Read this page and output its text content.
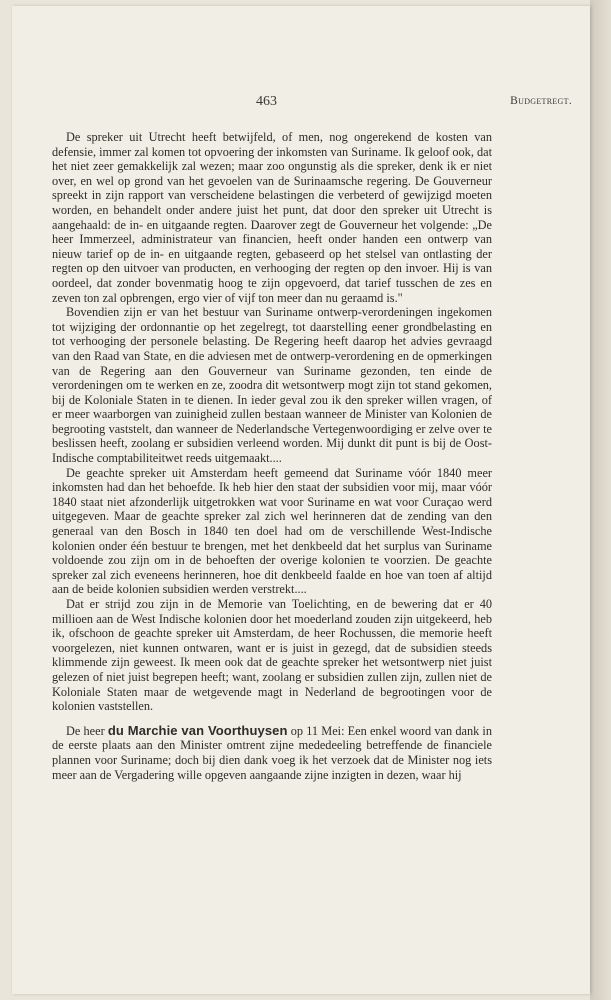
463	Budgetregt.

De spreker uit Utrecht heeft betwijfeld, of men, nog ongerekend de kosten van defensie, immer zal komen tot opvoering der inkomsten van Suriname. Ik geloof ook, dat het niet zeer gemakkelijk zal wezen; maar zoo ongunstig als die spreker, denk ik er niet over, en wel op grond van het gevoelen van de Surinaamsche regering. De Gouverneur spreekt in zijn rapport van verscheidene belastingen die verbeterd of gewijzigd moeten worden, en behandelt onder andere juist het punt, dat door den spreker uit Utrecht is aangehaald: de in- en uitgaande regten. Daarover zegt de Gouverneur het volgende: „De heer Immerzeel, administrateur van financien, heeft onder handen een ontwerp van nieuw tarief op de in- en uitgaande regten, gebaseerd op het stelsel van ontlasting der regten op den uitvoer van producten, en verhooging der regten op den invoer. Hij is van oordeel, dat zonder bovenmatig hoog te zijn opgevoerd, dat tarief tusschen de zes en zeven ton zal opbrengen, ergo vier of vijf ton meer dan nu geraamd is."

Bovendien zijn er van het bestuur van Suriname ontwerp-verordeningen ingekomen tot wijziging der ordonnantie op het zegelregt, tot daarstelling eener grondbelasting en tot verhooging der personele belasting. De Regering heeft daarop het advies gevraagd van den Raad van State, en die adviesen met de ontwerp-verordening en de opmerkingen van de Regering aan den Gouverneur van Suriname gezonden, ten einde de verordeningen om te werken en ze, zoodra dit wetsontwerp mogt zijn tot stand gekomen, bij de Koloniale Staten in te dienen. In ieder geval zou ik den spreker willen vragen, of er meer waarborgen van zuinigheid zullen bestaan wanneer de Minister van Kolonien de begrooting vaststelt, dan wanneer de Nederlandsche Vertegenwoordiging er zelve over te beslissen heeft, zoolang er subsidien verleend worden. Mij dunkt dit punt is bij de Oost-Indische comptabiliteitwet reeds uitgemaakt....

De geachte spreker uit Amsterdam heeft gemeend dat Suriname vóór 1840 meer inkomsten had dan het behoefde. Ik heb hier den staat der subsidien voor mij, maar vóór 1840 staat niet afzonderlijk uitgetrokken wat voor Suriname en wat voor Curaçao werd uitgegeven. Maar de geachte spreker zal zich wel herinneren dat de zending van den generaal van den Bosch in 1840 ten doel had om de verschillende West-Indische kolonien onder één bestuur te brengen, met het denkbeeld dat het surplus van Suriname voldoende zou zijn om in de behoeften der overige kolonien te voorzien. De geachte spreker zal zich eveneens herinneren, hoe dit denkbeeld faalde en hoe van toen af altijd aan de beide kolonien subsidien werden verstrekt....

Dat er strijd zou zijn in de Memorie van Toelichting, en de bewering dat er 40 millioen aan de West Indische kolonien door het moederland zouden zijn uitgekeerd, heb ik, ofschoon de geachte spreker uit Amsterdam, de heer Rochussen, die memorie heeft voorgelezen, niet kunnen ontwaren, want er is juist in gezegd, dat de subsidien steeds klimmende zijn geweest. Ik meen ook dat de geachte spreker het wetsontwerp niet juist gelezen of niet juist begrepen heeft; want, zoolang er subsidien zullen zijn, zullen niet de Koloniale Staten maar de wetgevende magt in Nederland de begrootingen voor de kolonien vaststellen.

De heer du Marchie van Voorthuysen op 11 Mei: Een enkel woord van dank in de eerste plaats aan den Minister omtrent zijne mededeeling betreffende de financiele plannen voor Suriname; doch bij dien dank voeg ik het verzoek dat de Minister nog iets meer aan de Vergadering wille opgeven aangaande zijne inzigten in dezen, waar hij
